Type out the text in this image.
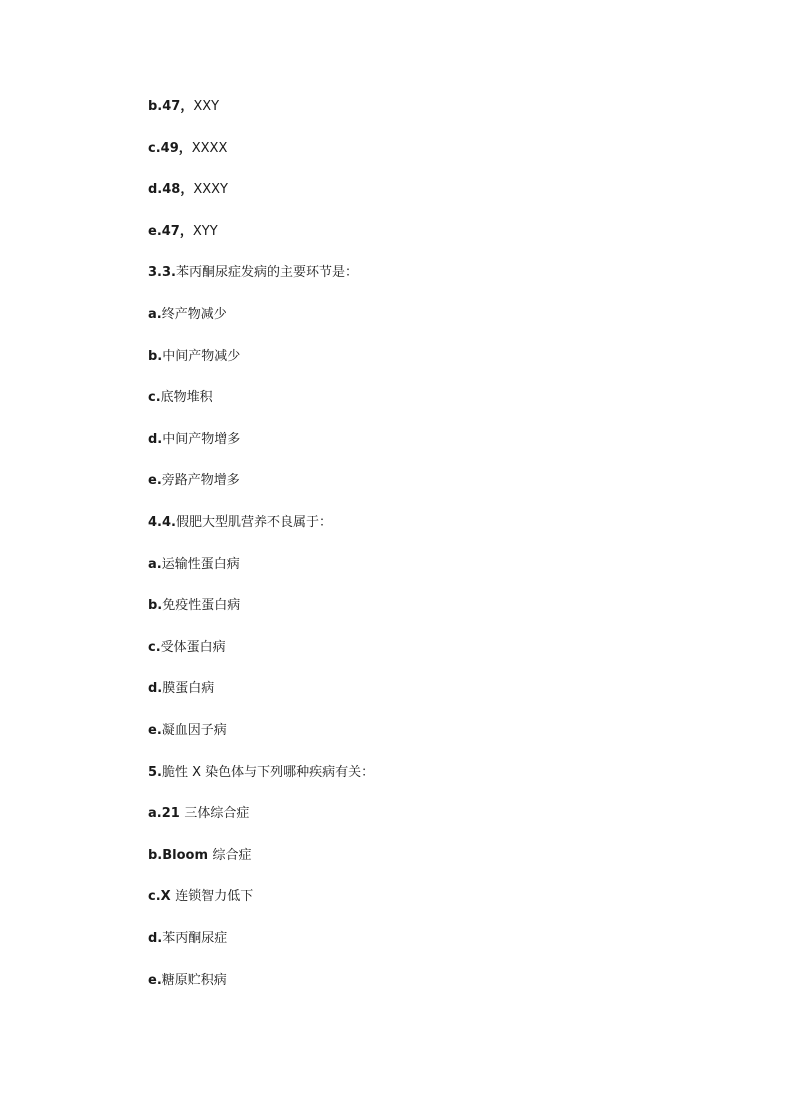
b.47，XXY
c.49，XXXX
d.48，XXXY
e.47，XYY
3.3.苯丙酮尿症发病的主要环节是：
a.终产物减少
b.中间产物减少
c.底物堆积
d.中间产物增多
e.旁路产物增多
4.4.假肥大型肌营养不良属于：
a.运输性蛋白病
b.免疫性蛋白病
c.受体蛋白病
d.膜蛋白病
e.凝血因子病
5.脆性 X 染色体与下列哪种疾病有关：
a.21 三体综合症
b.Bloom 综合症
c.X 连锁智力低下
d.苯丙酮尿症
e.糖原贮积病
